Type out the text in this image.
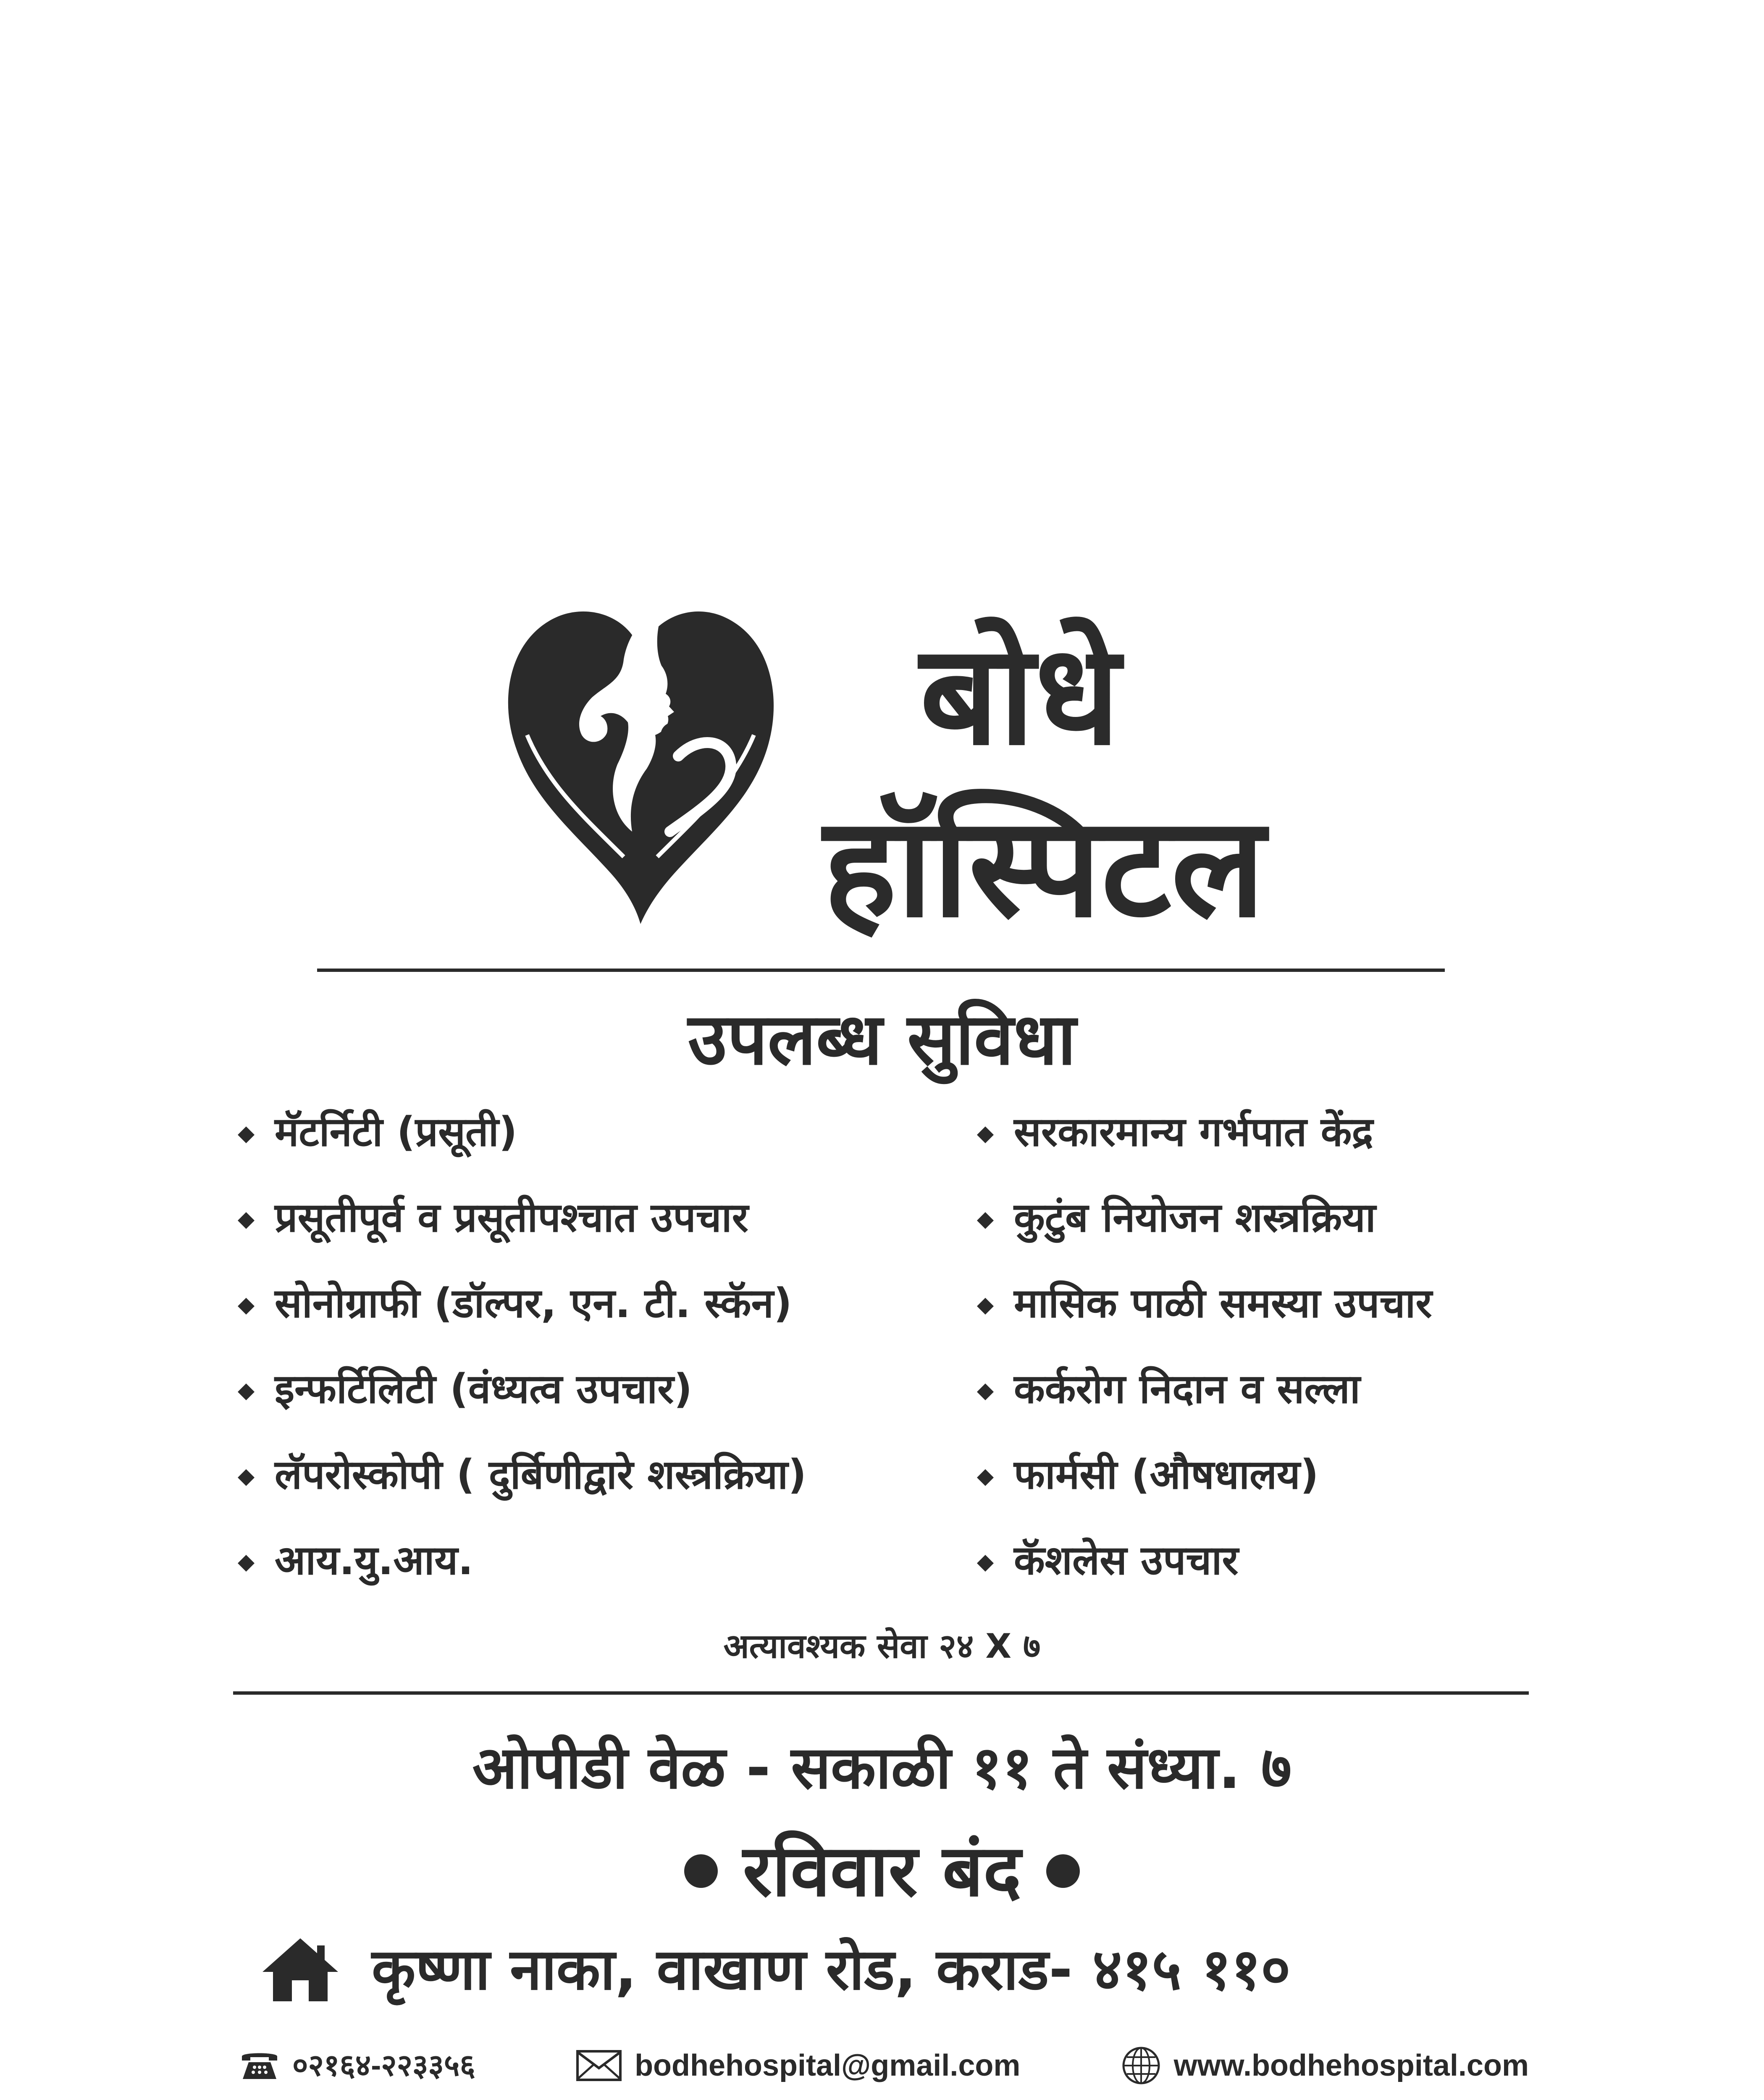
बोधे
हॉस्पिटल
उपलब्ध सुविधा
मॅटर्निटी (प्रसूती)
प्रसूतीपूर्व व प्रसूतीपश्चात उपचार
सोनोग्राफी (डॉल्पर, एन. टी. स्कॅन)
इन्फर्टिलिटी (वंध्यत्व उपचार)
लॅपरोस्कोपी ( दुर्बिणीद्वारे शस्त्रक्रिया)
आय.यु.आय.
सरकारमान्य गर्भपात केंद्र
कुटुंब नियोजन शस्त्रक्रिया
मासिक पाळी समस्या उपचार
कर्करोग निदान व सल्ला
फार्मसी (औषधालय)
कॅशलेस उपचार
अत्यावश्यक सेवा २४ X ७
ओपीडी वेळ - सकाळी ११ ते संध्या. ७
रविवार बंद
कृष्णा नाका, वाखाण रोड, कराड- ४१५ ११०
०२१६४-२२३३५६	bodhehospital@gmail.com	www.bodhehospital.com
